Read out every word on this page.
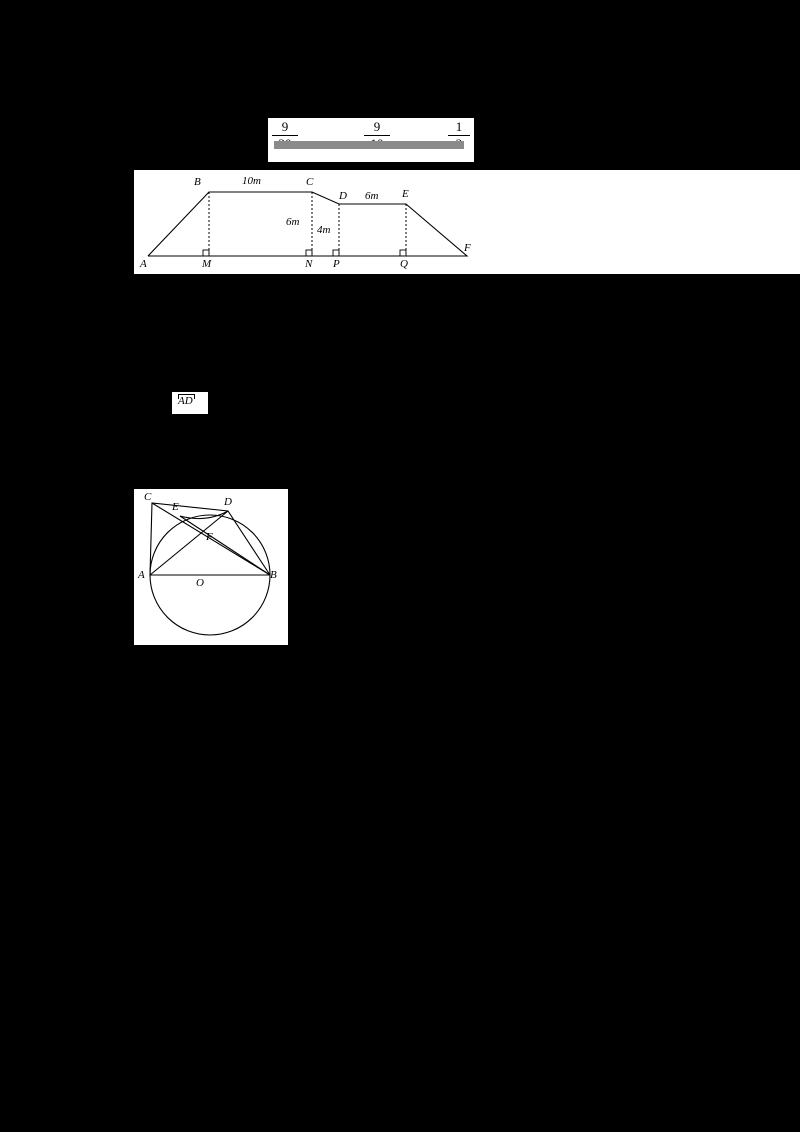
9	9	1
B	C
D	E
F
A	M	N P	Q
10m
6m
6m
4m
AD
C
E	D
F
A	B
O
